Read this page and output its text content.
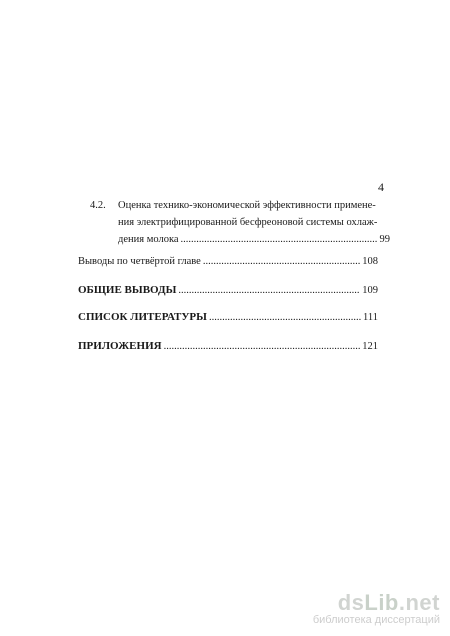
4
4.2. Оценка технико-экономической эффективности примене-
ния электрифицированной бесфреоновой системы охлаж-
дения молока .....	99
Выводы по четвёртой главе .....	108
ОБЩИЕ ВЫВОДЫ .....	109
СПИСОК ЛИТЕРАТУРЫ .....	111
ПРИЛОЖЕНИЯ .....	121
dsLib.net
библиотека диссертаций
